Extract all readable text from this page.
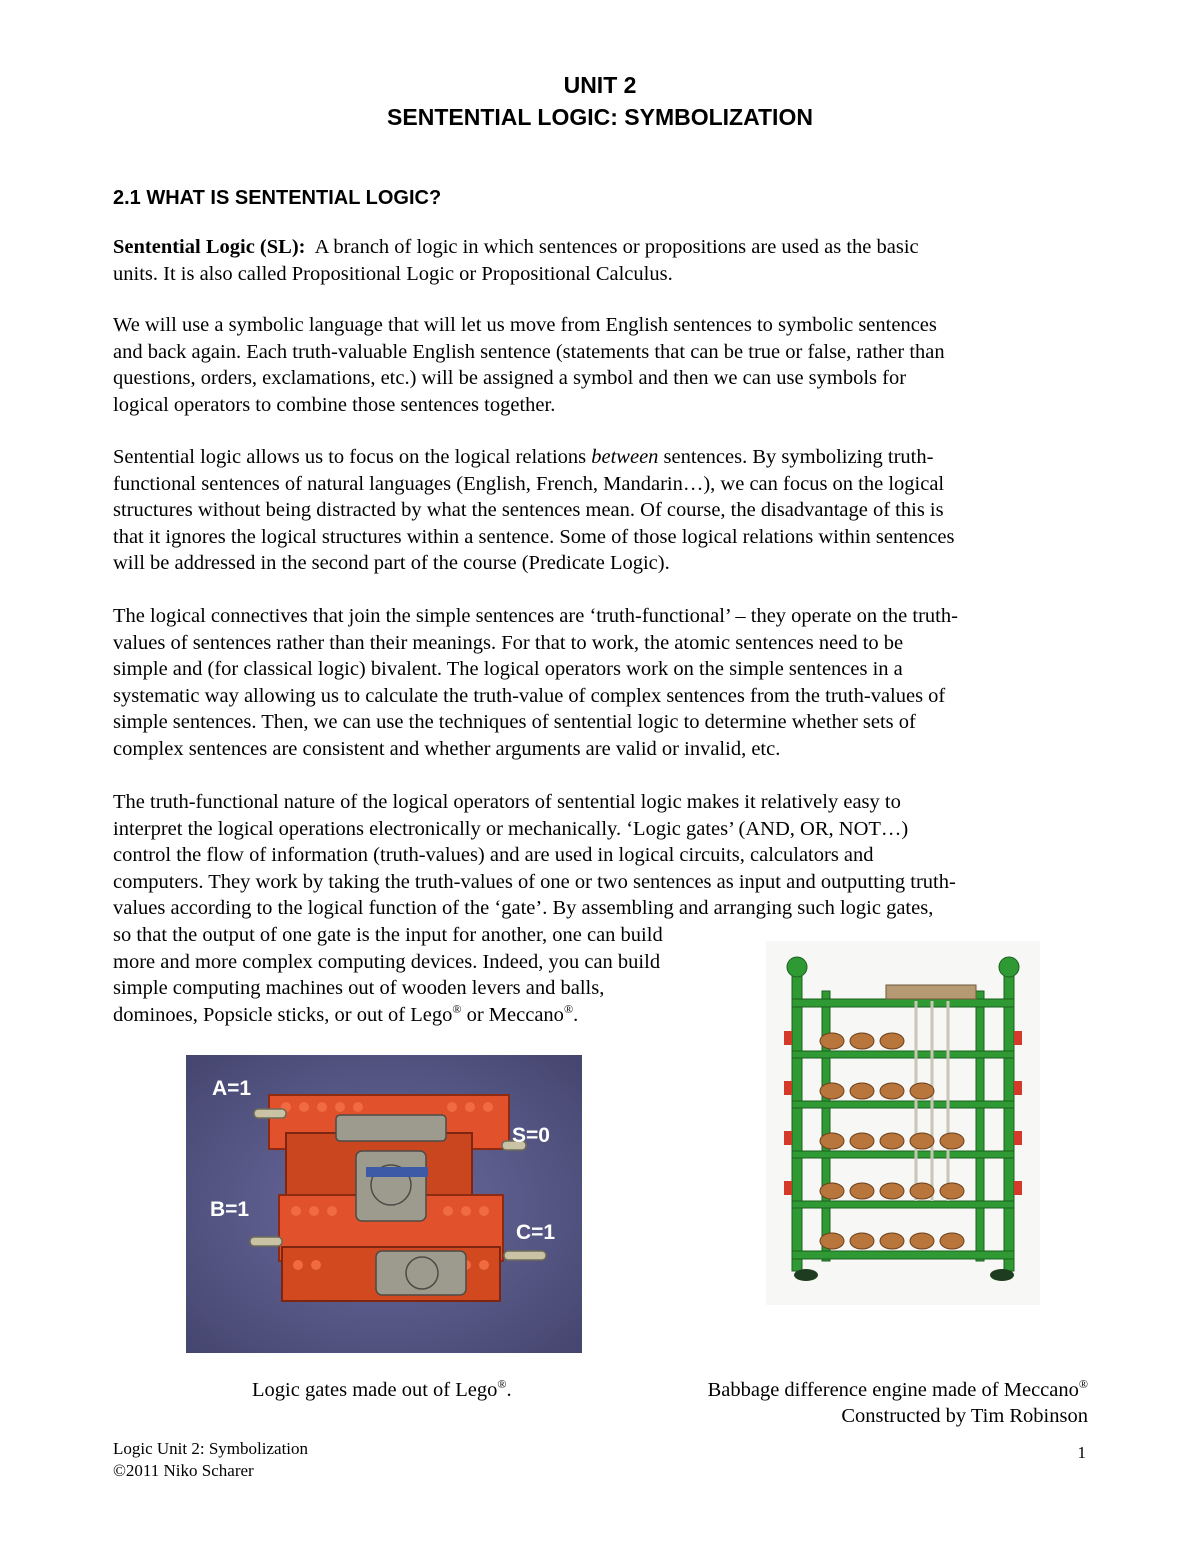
UNIT 2
SENTENTIAL LOGIC: SYMBOLIZATION
2.1 WHAT IS SENTENTIAL LOGIC?
Sentential Logic (SL): A branch of logic in which sentences or propositions are used as the basic
units. It is also called Propositional Logic or Propositional Calculus.
We will use a symbolic language that will let us move from English sentences to symbolic sentences
and back again. Each truth-valuable English sentence (statements that can be true or false, rather than
questions, orders, exclamations, etc.) will be assigned a symbol and then we can use symbols for
logical operators to combine those sentences together.
Sentential logic allows us to focus on the logical relations between sentences. By symbolizing truth-
functional sentences of natural languages (English, French, Mandarin…), we can focus on the logical
structures without being distracted by what the sentences mean. Of course, the disadvantage of this is
that it ignores the logical structures within a sentence. Some of those logical relations within sentences
will be addressed in the second part of the course (Predicate Logic).
The logical connectives that join the simple sentences are ‘truth-functional’ – they operate on the truth-
values of sentences rather than their meanings. For that to work, the atomic sentences need to be
simple and (for classical logic) bivalent. The logical operators work on the simple sentences in a
systematic way allowing us to calculate the truth-value of complex sentences from the truth-values of
simple sentences. Then, we can use the techniques of sentential logic to determine whether sets of
complex sentences are consistent and whether arguments are valid or invalid, etc.
The truth-functional nature of the logical operators of sentential logic makes it relatively easy to
interpret the logical operations electronically or mechanically. ‘Logic gates’ (AND, OR, NOT…)
control the flow of information (truth-values) and are used in logical circuits, calculators and
computers. They work by taking the truth-values of one or two sentences as input and outputting truth-
values according to the logical function of the ‘gate’. By assembling and arranging such logic gates,
so that the output of one gate is the input for another, one can build
more and more complex computing devices. Indeed, you can build
simple computing machines out of wooden levers and balls,
dominoes, Popsicle sticks, or out of Lego® or Meccano®.
A=1
S=0
B=1
C=1
Logic gates made out of Lego®.	Babbage difference engine made of Meccano®
Constructed by Tim Robinson
Logic Unit 2: Symbolization
©2011 Niko Scharer
1
